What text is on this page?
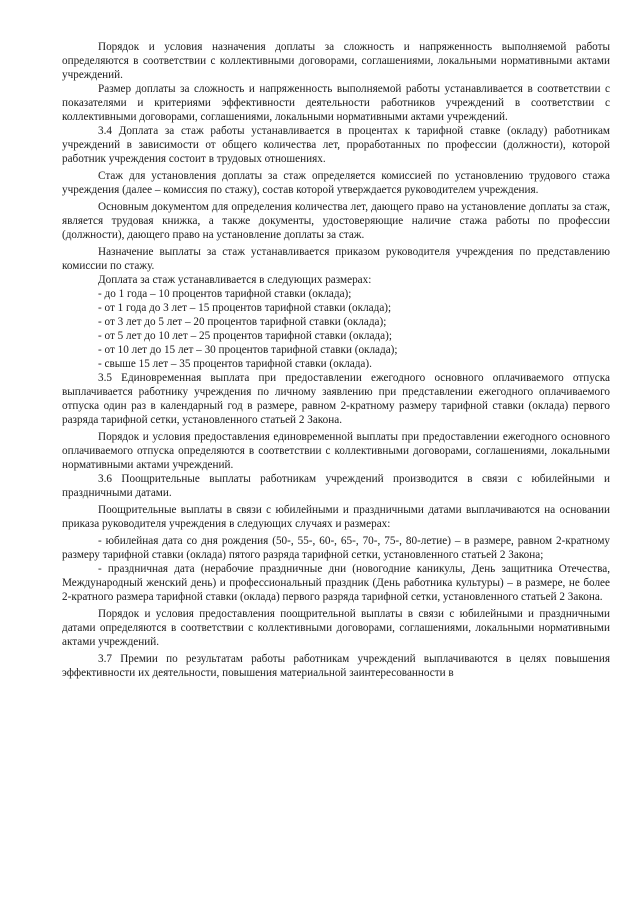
Порядок и условия назначения доплаты за сложность и напряженность выполняемой работы определяются в соответствии с коллективными договорами, соглашениями, локальными нормативными актами учреждений.

Размер доплаты за сложность и напряженность выполняемой работы устанавливается в соответствии с показателями и критериями эффективности деятельности работников учреждений в соответствии с коллективными договорами, соглашениями, локальными нормативными актами учреждений.

3.4 Доплата за стаж работы устанавливается в процентах к тарифной ставке (окладу) работникам учреждений в зависимости от общего количества лет, проработанных по профессии (должности), которой работник учреждения состоит в трудовых отношениях.

Стаж для установления доплаты за стаж определяется комиссией по установлению трудового стажа учреждения (далее – комиссия по стажу), состав которой утверждается руководителем учреждения.

Основным документом для определения количества лет, дающего право на установление доплаты за стаж, является трудовая книжка, а также документы, удостоверяющие наличие стажа работы по профессии (должности), дающего право на установление доплаты за стаж.

Назначение выплаты за стаж устанавливается приказом руководителя учреждения по представлению комиссии по стажу.

Доплата за стаж устанавливается в следующих размерах:

- до 1 года – 10 процентов тарифной ставки (оклада);

- от 1 года до 3 лет – 15 процентов тарифной ставки (оклада);

- от 3 лет до 5 лет – 20 процентов тарифной ставки (оклада);

- от 5 лет до 10 лет – 25 процентов тарифной ставки (оклада);

- от 10 лет до 15 лет – 30 процентов тарифной ставки (оклада);

- свыше 15 лет – 35 процентов тарифной ставки (оклада).

3.5 Единовременная выплата при предоставлении ежегодного основного оплачиваемого отпуска выплачивается работнику учреждения по личному заявлению при представлении ежегодного оплачиваемого отпуска один раз в календарный год в размере, равном 2-кратному размеру тарифной ставки (оклада) первого разряда тарифной сетки, установленного статьей 2 Закона.

Порядок и условия предоставления единовременной выплаты при предоставлении ежегодного основного оплачиваемого отпуска определяются в соответствии с коллективными договорами, соглашениями, локальными нормативными актами учреждений.

3.6 Поощрительные выплаты работникам учреждений производится в связи с юбилейными и праздничными датами.

Поощрительные выплаты в связи с юбилейными и праздничными датами выплачиваются на основании приказа руководителя учреждения в следующих случаях и размерах:

- юбилейная дата со дня рождения (50-, 55-, 60-, 65-, 70-, 75-, 80-летие) – в размере, равном 2-кратному размеру тарифной ставки (оклада) пятого разряда тарифной сетки, установленного статьей 2 Закона;

- праздничная дата (нерабочие праздничные дни (новогодние каникулы, День защитника Отечества, Международный женский день) и профессиональный праздник (День работника культуры) – в размере, не более 2-кратного размера тарифной ставки (оклада) первого разряда тарифной сетки, установленного статьей 2 Закона.

Порядок и условия предоставления поощрительной выплаты в связи с юбилейными и праздничными датами определяются в соответствии с коллективными договорами, соглашениями, локальными нормативными актами учреждений.

3.7 Премии по результатам работы работникам учреждений выплачиваются в целях повышения эффективности их деятельности, повышения материальной заинтересованности в
